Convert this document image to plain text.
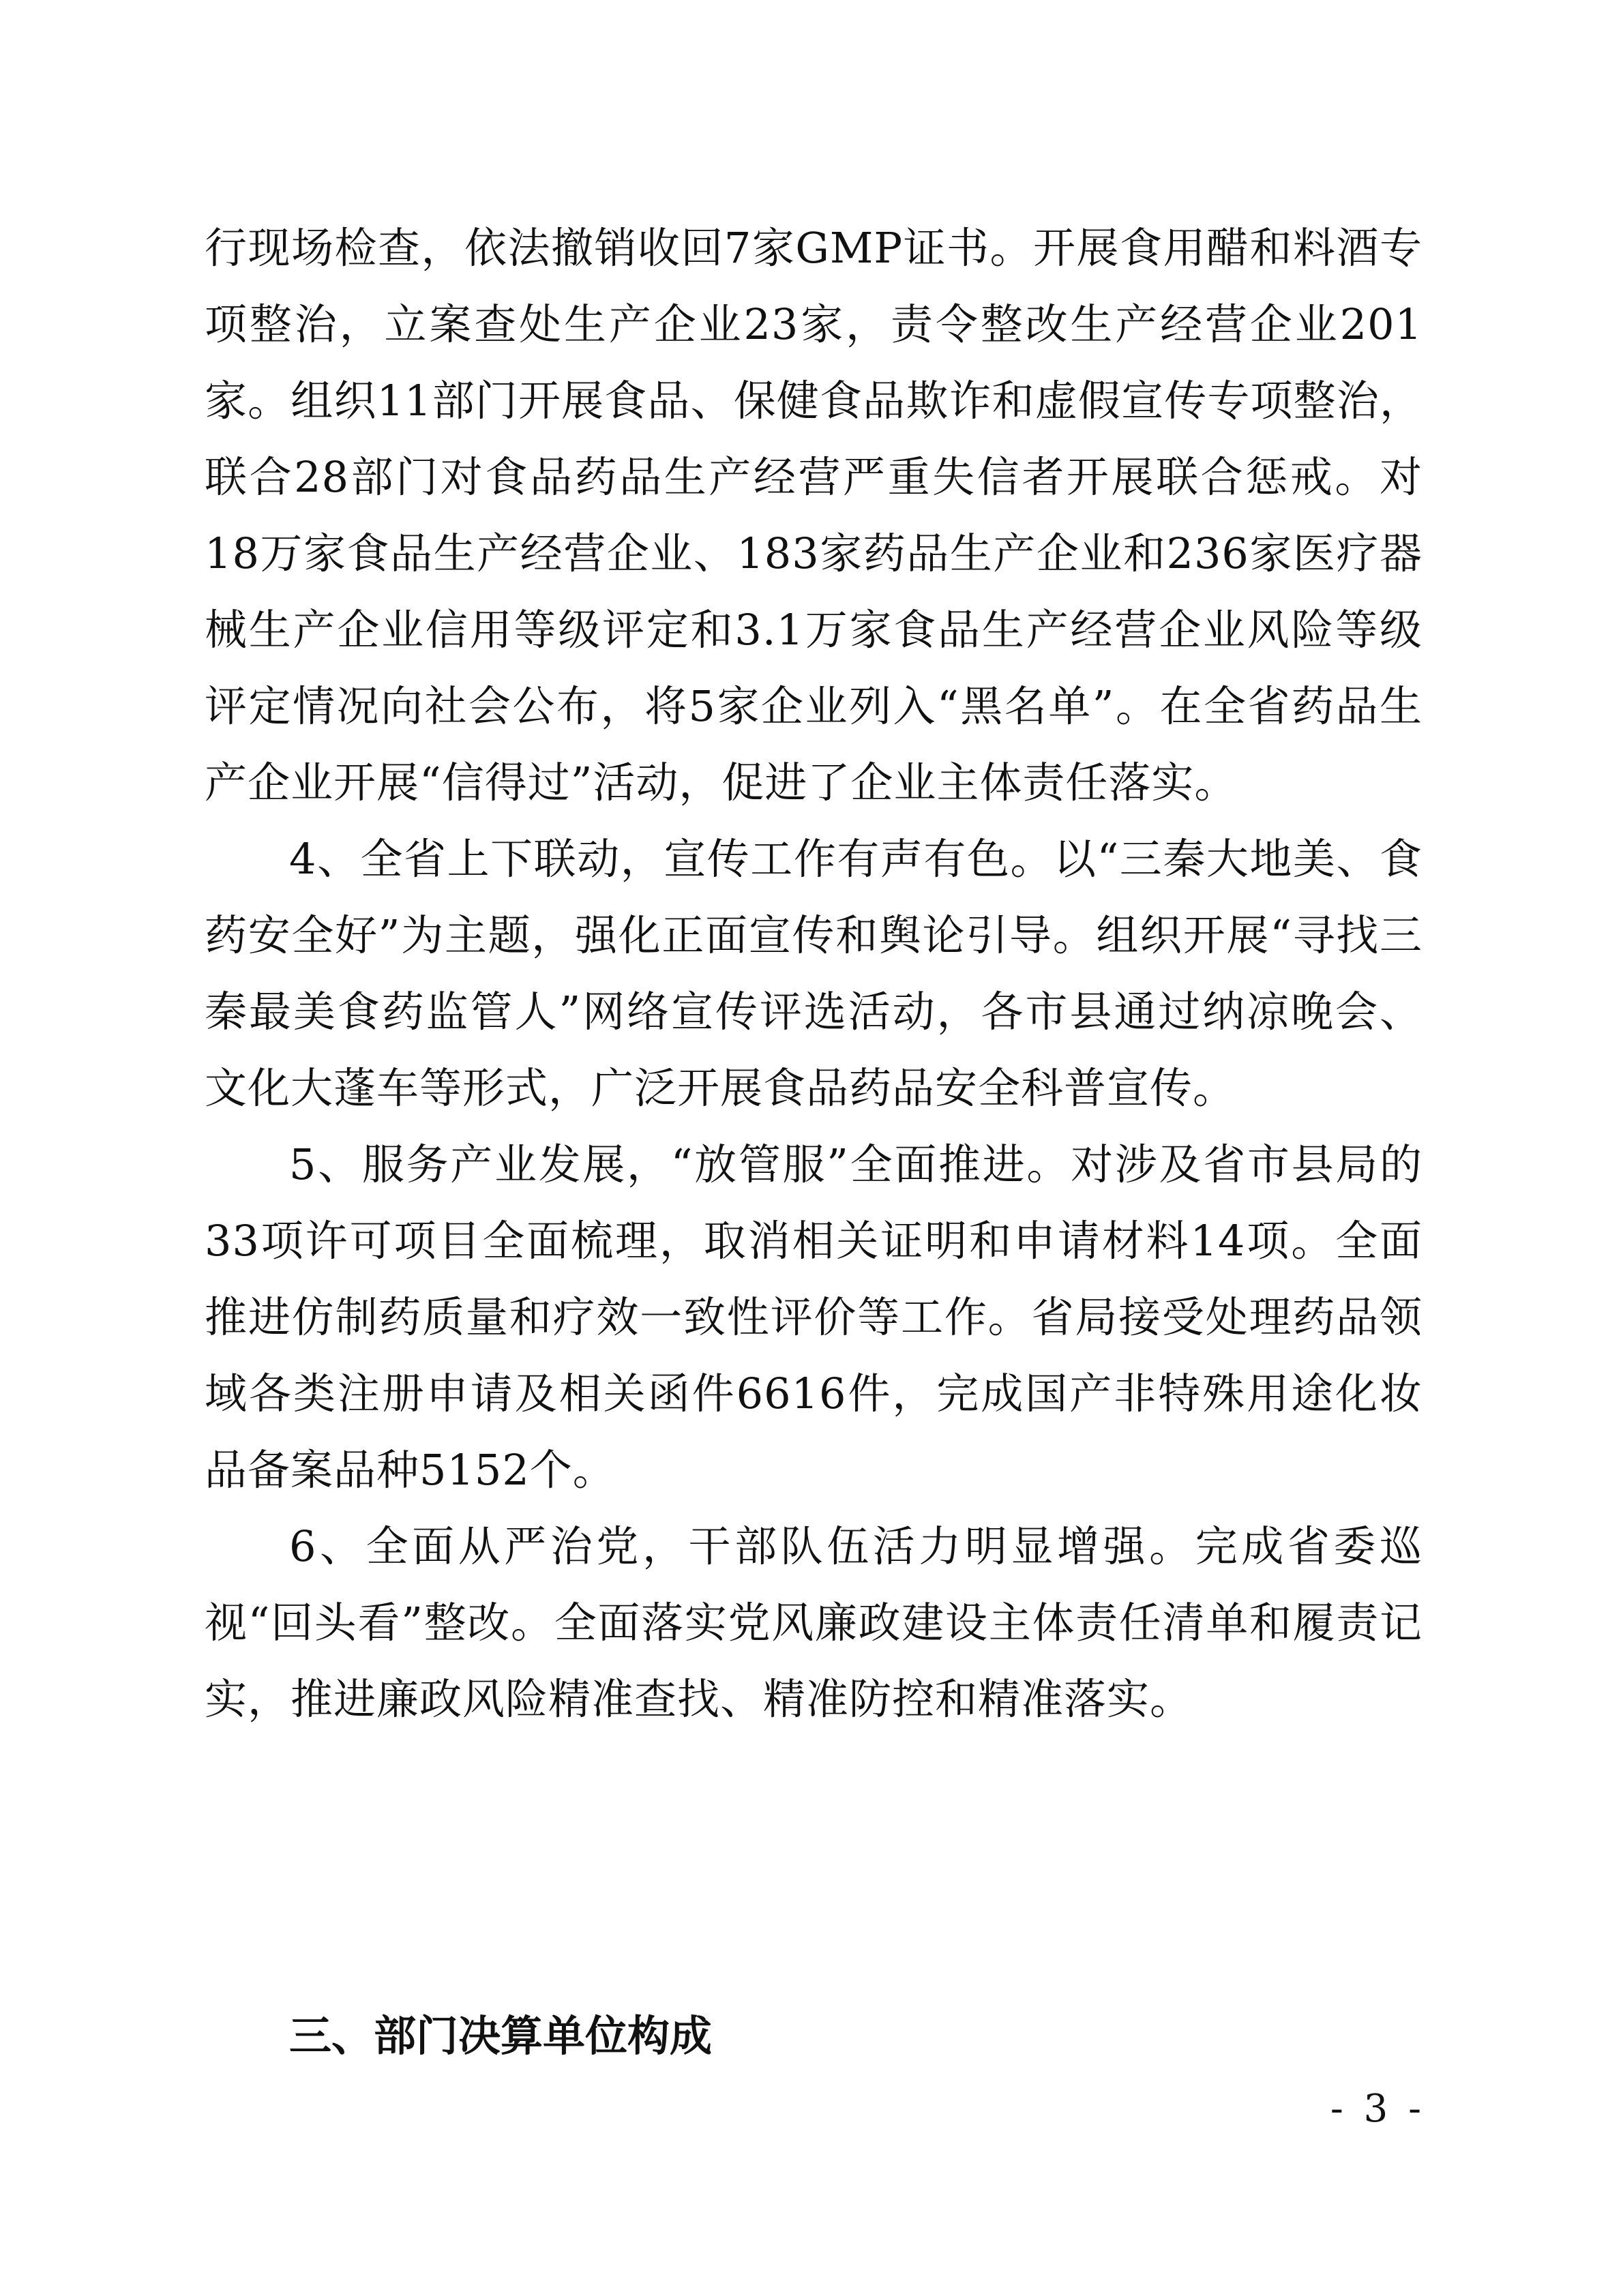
行现场检查，依法撤销收回7家GMP证书。开展食用醋和料酒专项整治，立案查处生产企业23家，责令整改生产经营企业201家。组织11部门开展食品、保健食品欺诈和虚假宣传专项整治，联合28部门对食品药品生产经营严重失信者开展联合惩戒。对18万家食品生产经营企业、183家药品生产企业和236家医疗器械生产企业信用等级评定和3.1万家食品生产经营企业风险等级评定情况向社会公布，将5家企业列入“黑名单”。在全省药品生产企业开展“信得过”活动，促进了企业主体责任落实。

4、全省上下联动，宣传工作有声有色。以“三秦大地美、食药安全好”为主题，强化正面宣传和舆论引导。组织开展“寻找三秦最美食药监管人”网络宣传评选活动，各市县通过纳凉晚会、文化大蓬车等形式，广泛开展食品药品安全科普宣传。

5、服务产业发展，“放管服”全面推进。对涉及省市县局的33项许可项目全面梳理，取消相关证明和申请材料14项。全面推进仿制药质量和疗效一致性评价等工作。省局接受处理药品领域各类注册申请及相关函件6616件，完成国产非特殊用途化妆品备案品种5152个。

6、全面从严治党，干部队伍活力明显增强。完成省委巡视“回头看”整改。全面落实党风廉政建设主体责任清单和履责记实，推进廉政风险精准查找、精准防控和精准落实。

三、部门决算单位构成
- 3 -
